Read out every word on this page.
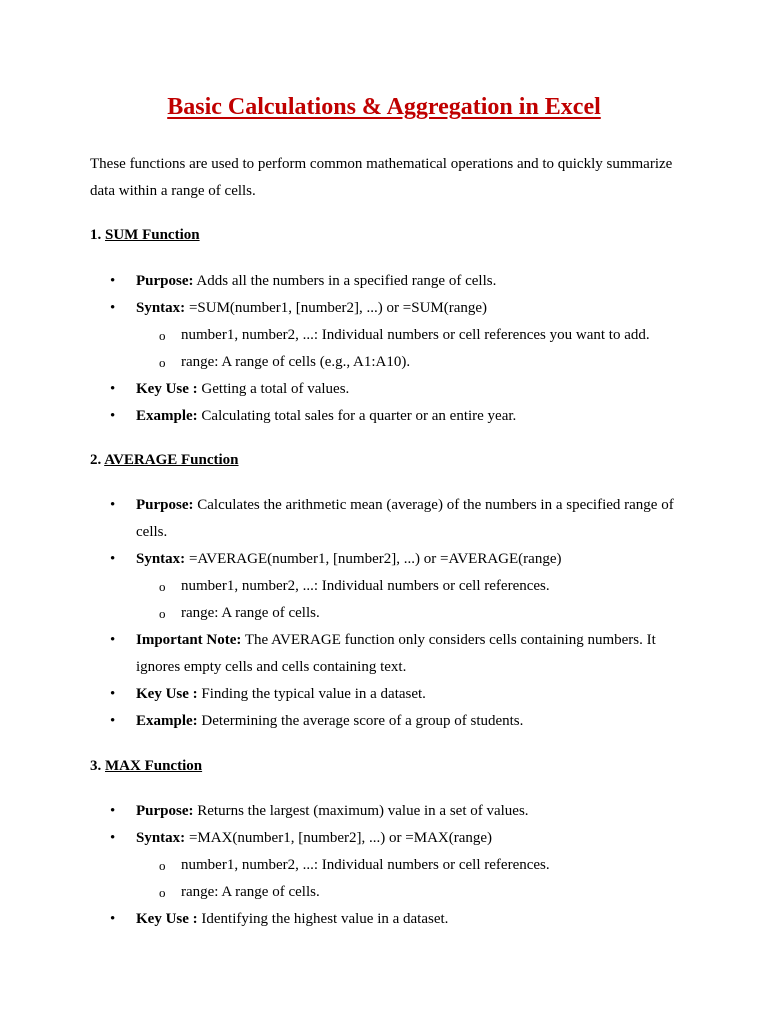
Basic Calculations & Aggregation in Excel

These functions are used to perform common mathematical operations and to quickly summarize data within a range of cells.

1. SUM Function
• Purpose: Adds all the numbers in a specified range of cells.
• Syntax: =SUM(number1, [number2], ...) or =SUM(range)
o number1, number2, ...: Individual numbers or cell references you want to add.
o range: A range of cells (e.g., A1:A10).
• Key Use : Getting a total of values.
• Example: Calculating total sales for a quarter or an entire year.
2. AVERAGE Function
• Purpose: Calculates the arithmetic mean (average) of the numbers in a specified range of cells.
• Syntax: =AVERAGE(number1, [number2], ...) or =AVERAGE(range)
o number1, number2, ...: Individual numbers or cell references.
o range: A range of cells.
• Important Note: The AVERAGE function only considers cells containing numbers. It ignores empty cells and cells containing text.
• Key Use : Finding the typical value in a dataset.
• Example: Determining the average score of a group of students.
3. MAX Function
• Purpose: Returns the largest (maximum) value in a set of values.
• Syntax: =MAX(number1, [number2], ...) or =MAX(range)
o number1, number2, ...: Individual numbers or cell references.
o range: A range of cells.
• Key Use : Identifying the highest value in a dataset.
